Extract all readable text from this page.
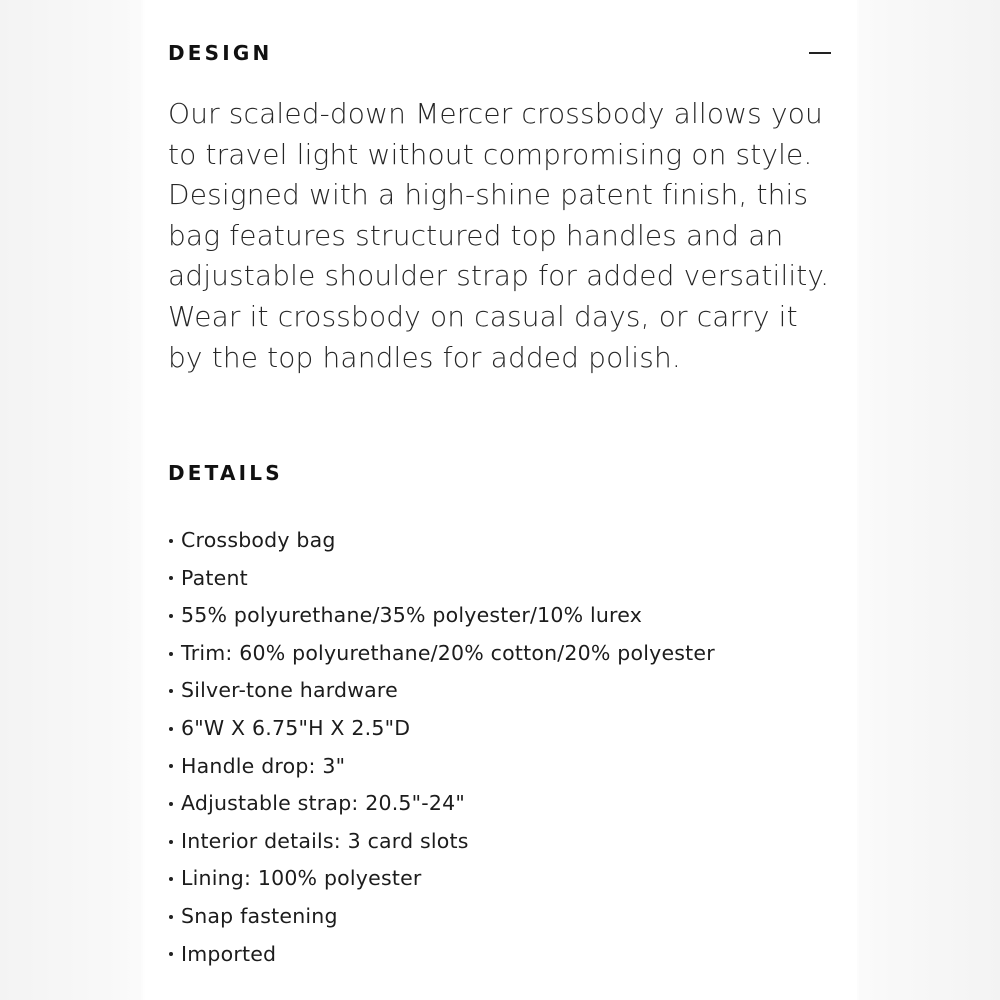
DESIGN

Our scaled-down Mercer crossbody allows you to travel light without compromising on style. Designed with a high-shine patent finish, this bag features structured top handles and an adjustable shoulder strap for added versatility. Wear it crossbody on casual days, or carry it by the top handles for added polish.

DETAILS
Crossbody bag
Patent
55% polyurethane/35% polyester/10% lurex
Trim: 60% polyurethane/20% cotton/20% polyester
Silver-tone hardware
6"W X 6.75"H X 2.5"D
Handle drop: 3"
Adjustable strap: 20.5"-24"
Interior details: 3 card slots
Lining: 100% polyester
Snap fastening
Imported
